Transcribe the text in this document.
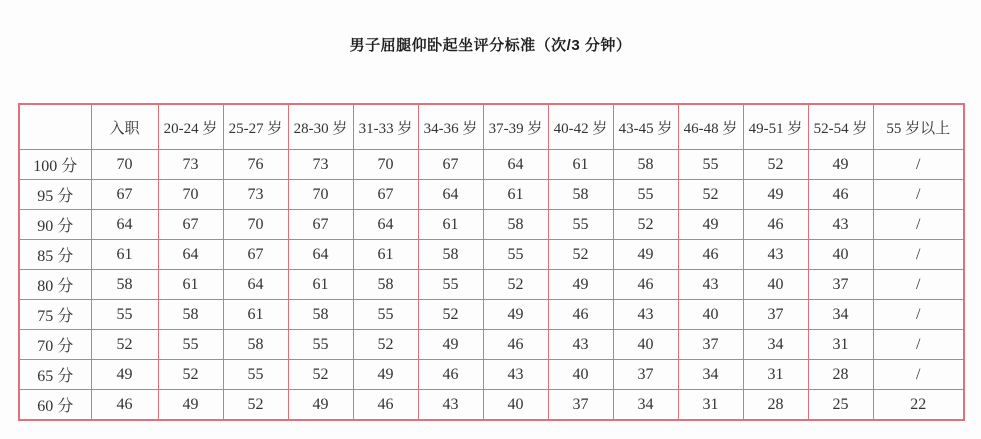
男子屈腿仰卧起坐评分标准（次/3 分钟）
	入职	20-24 岁	25-27 岁	28-30 岁	31-33 岁	34-36 岁	37-39 岁	40-42 岁	43-45 岁	46-48 岁	49-51 岁	52-54 岁	55 岁以上
100 分	70	73	76	73	70	67	64	61	58	55	52	49	/
95 分	67	70	73	70	67	64	61	58	55	52	49	46	/
90 分	64	67	70	67	64	61	58	55	52	49	46	43	/
85 分	61	64	67	64	61	58	55	52	49	46	43	40	/
80 分	58	61	64	61	58	55	52	49	46	43	40	37	/
75 分	55	58	61	58	55	52	49	46	43	40	37	34	/
70 分	52	55	58	55	52	49	46	43	40	37	34	31	/
65 分	49	52	55	52	49	46	43	40	37	34	31	28	/
60 分	46	49	52	49	46	43	40	37	34	31	28	25	22
